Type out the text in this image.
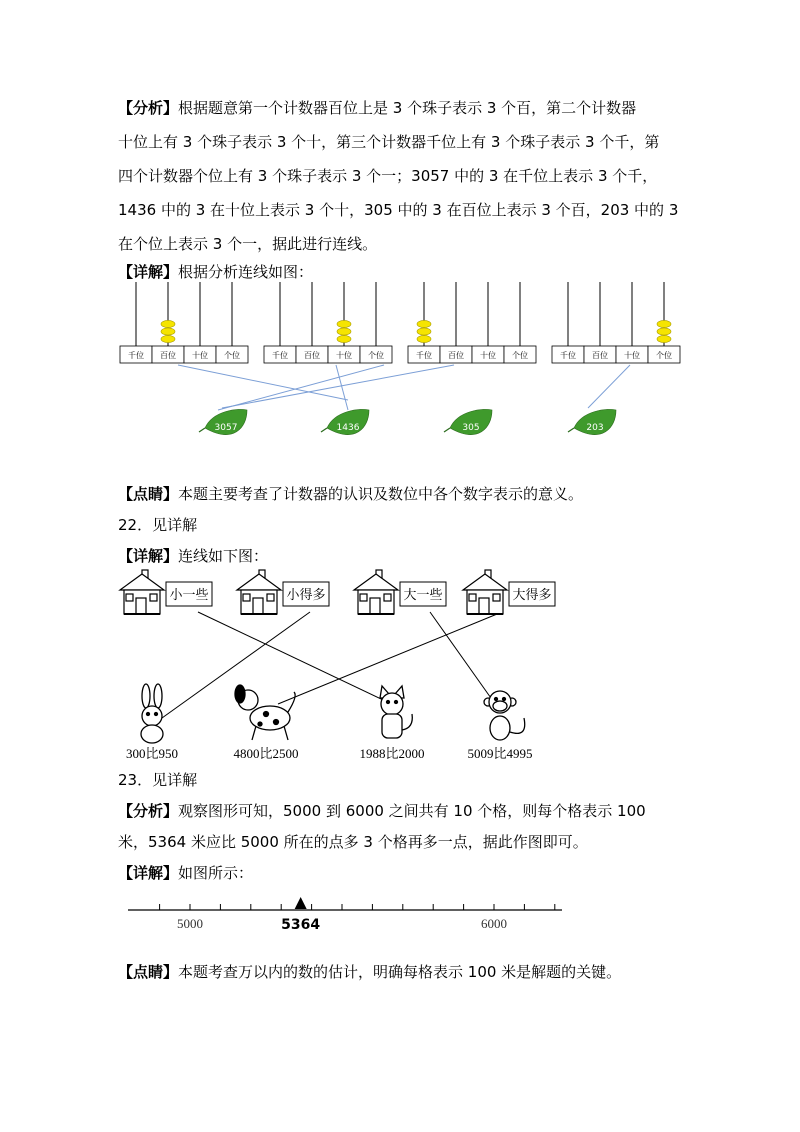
【分析】根据题意第一个计数器百位上是 3 个珠子表示 3 个百，第二个计数器
十位上有 3 个珠子表示 3 个十，第三个计数器千位上有 3 个珠子表示 3 个千，第
四个计数器个位上有 3 个珠子表示 3 个一；3057 中的 3 在千位上表示 3 个千，
1436 中的 3 在十位上表示 3 个十，305 中的 3 在百位上表示 3 个百，203 中的 3
在个位上表示 3 个一，据此进行连线。
【详解】根据分析连线如图：
千位 百位 十位 个位	千位 百位 十位 个位	千位 百位 十位 个位	千位 百位 十位 个位
3057	1436	305	203
【点睛】本题主要考查了计数器的认识及数位中各个数字表示的意义。
22．见详解
【详解】连线如下图：
小一些	小得多	大一些	大得多
300比950	4800比2500	1988比2000	5009比4995
23．见详解
【分析】观察图形可知，5000 到 6000 之间共有 10 个格，则每个格表示 100
米，5364 米应比 5000 所在的点多 3 个格再多一点，据此作图即可。
【详解】如图所示：
5000	5364	6000
【点睛】本题考查万以内的数的估计，明确每格表示 100 米是解题的关键。
